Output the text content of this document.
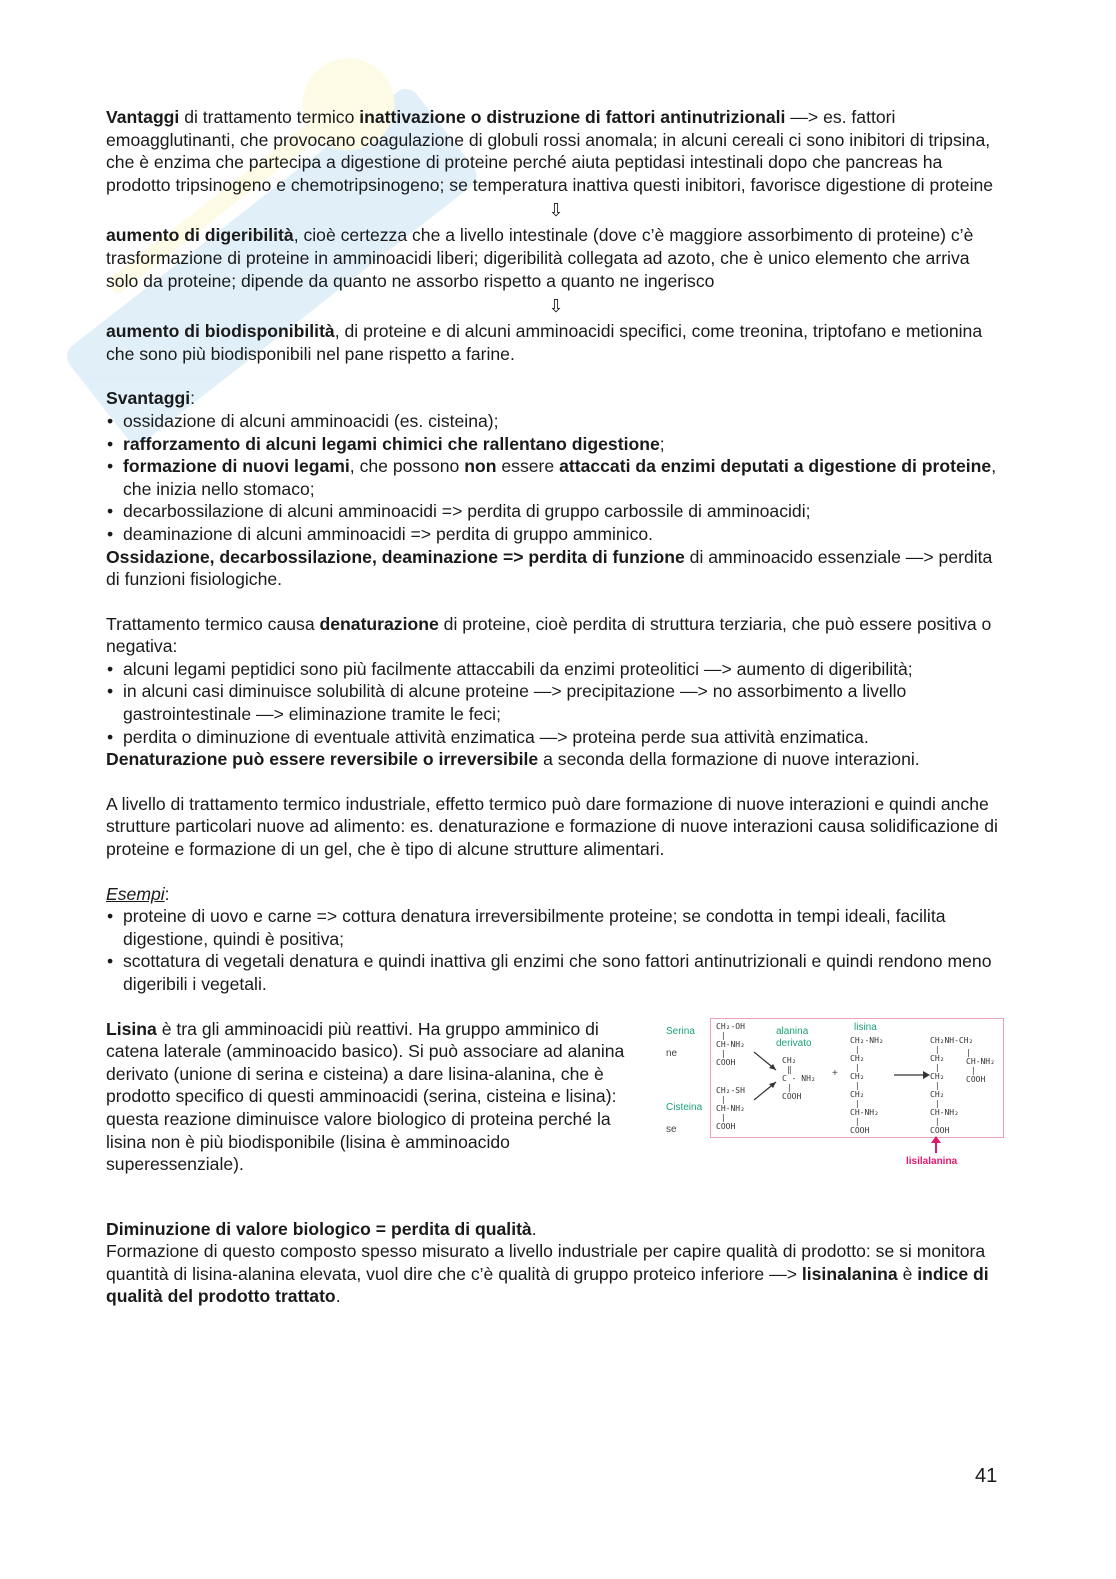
Vantaggi di trattamento termico inattivazione o distruzione di fattori antinutrizionali —> es. fattori emoagglutinanti, che provocano coagulazione di globuli rossi anomala; in alcuni cereali ci sono inibitori di tripsina, che è enzima che partecipa a digestione di proteine perché aiuta peptidasi intestinali dopo che pancreas ha prodotto tripsinogeno e chemotripsinogeno; se temperatura inattiva questi inibitori, favorisce digestione di proteine

⇩

aumento di digeribilità, cioè certezza che a livello intestinale (dove c’è maggiore assorbimento di proteine) c’è trasformazione di proteine in amminoacidi liberi; digeribilità collegata ad azoto, che è unico elemento che arriva solo da proteine; dipende da quanto ne assorbo rispetto a quanto ne ingerisco

⇩

aumento di biodisponibilità, di proteine e di alcuni amminoacidi specifici, come treonina, triptofano e metionina che sono più biodisponibili nel pane rispetto a farine.

Svantaggi:

• ossidazione di alcuni amminoacidi (es. cisteina);
• rafforzamento di alcuni legami chimici che rallentano digestione;
• formazione di nuovi legami, che possono non essere attaccati da enzimi deputati a digestione di proteine, che inizia nello stomaco;
• decarbossilazione di alcuni amminoacidi => perdita di gruppo carbossile di amminoacidi;
• deaminazione di alcuni amminoacidi => perdita di gruppo amminico.

Ossidazione, decarbossilazione, deaminazione => perdita di funzione di amminoacido essenziale —> perdita di funzioni fisiologiche.

Trattamento termico causa denaturazione di proteine, cioè perdita di struttura terziaria, che può essere positiva o negativa:

• alcuni legami peptidici sono più facilmente attaccabili da enzimi proteolitici —> aumento di digeribilità;
• in alcuni casi diminuisce solubilità di alcune proteine —> precipitazione —> no assorbimento a livello gastrointestinale —> eliminazione tramite le feci;
• perdita o diminuzione di eventuale attività enzimatica —> proteina perde sua attività enzimatica.

Denaturazione può essere reversibile o irreversibile a seconda della formazione di nuove interazioni.

A livello di trattamento termico industriale, effetto termico può dare formazione di nuove interazioni e quindi anche strutture particolari nuove ad alimento: es. denaturazione e formazione di nuove interazioni causa solidificazione di proteine e formazione di un gel, che è tipo di alcune strutture alimentari.

Esempi:

• proteine di uovo e carne => cottura denatura irreversibilmente proteine; se condotta in tempi ideali, facilita digestione, quindi è positiva;
• scottatura di vegetali denatura e quindi inattiva gli enzimi che sono fattori antinutrizionali e quindi rendono meno digeribili i vegetali.

Lisina è tra gli amminoacidi più reattivi. Ha gruppo amminico di catena laterale (amminoacido basico). Si può associare ad alanina derivato (unione di serina e cisteina) a dare lisina-alanina, che è prodotto specifico di questi amminoacidi (serina, cisteina e lisina): questa reazione diminuisce valore biologico di proteina perché la lisina non è più biodisponibile (lisina è amminoacido superessenziale).

Serina
ne
Cisteina
se
CH₂-OH
|
CH-NH₂
|
COOH
CH₂-SH
|
CH-NH₂
|
COOH
alanina derivato
CH₂
‖
C - NH₂
|
COOH
+
lisina
CH₂-NH₂
|
CH₂
|
CH₂
|
CH₂
|
CH-NH₂
|
COOH
CH₂NH-CH₂
|
CH₂
|
CH₂
|
CH₂
|
CH-NH₂
|
COOH
|
CH-NH₂
|
COOH
lisilalanina

Diminuzione di valore biologico = perdita di qualità.

Formazione di questo composto spesso misurato a livello industriale per capire qualità di prodotto: se si monitora quantità di lisina-alanina elevata, vuol dire che c’è qualità di gruppo proteico inferiore —> lisinalanina è indice di qualità del prodotto trattato.

41
